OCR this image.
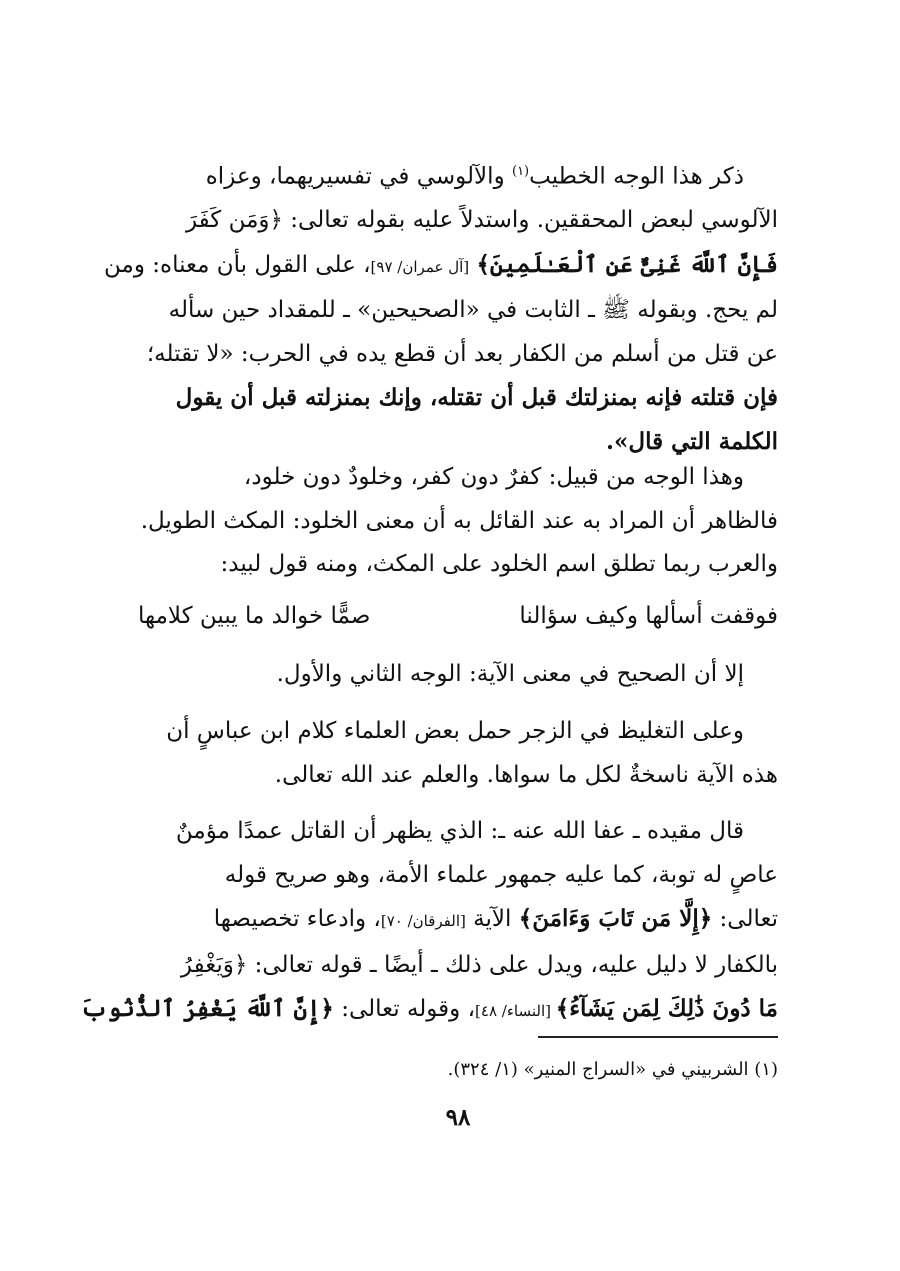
ذكر هذا الوجه الخطيب$^{(١)}$ والآلوسي في تفسيريهما، وعزاه
الآلوسي لبعض المحققين. واستدلاً عليه بقوله تعالى: ﴿وَمَن كَفَرَ
فَإِنَّ ٱللَّهَ غَنِىٌّ عَنِ ٱلْعَـٰلَمِينَ﴾ [آل عمران/ ٩٧]، على القول بأن معناه: ومن
لم يحج. وبقوله ﷺ ـ الثابت في «الصحيحين» ـ للمقداد حين سأله
عن قتل من أسلم من الكفار بعد أن قطع يده في الحرب: «لا تقتله؛
فإن قتلته فإنه بمنزلتك قبل أن تقتله، وإنك بمنزلته قبل أن يقول
الكلمة التي قال».
وهذا الوجه من قبيل: كفرٌ دون كفر، وخلودٌ دون خلود،
فالظاهر أن المراد به عند القائل به أن معنى الخلود: المكث الطويل.
والعرب ربما تطلق اسم الخلود على المكث، ومنه قول لبيد:
فوقفت أسألها وكيف سؤالنا
صمًّا خوالد ما يبين كلامها
إلا أن الصحيح في معنى الآية: الوجه الثاني والأول.
وعلى التغليظ في الزجر حمل بعض العلماء كلام ابن عباسٍ أن
هذه الآية ناسخةٌ لكل ما سواها. والعلم عند الله تعالى.
قال مقيده ـ عفا الله عنه ـ: الذي يظهر أن القاتل عمدًا مؤمنٌ
عاصٍ له توبة، كما عليه جمهور علماء الأمة، وهو صريح قوله
تعالى: ﴿إِلَّا مَن تَابَ وَءَامَنَ﴾ الآية [الفرقان/ ٧٠]، وادعاء تخصيصها
بالكفار لا دليل عليه، ويدل على ذلك ـ أيضًا ـ قوله تعالى: ﴿وَيَغْفِرُ
مَا دُونَ ذَٰلِكَ لِمَن يَشَآءُ﴾ [النساء/ ٤٨]، وقوله تعالى: ﴿إِنَّ ٱللَّهَ يَغْفِرُ ٱلذُّنُوبَ
(١) الشربيني في «السراج المنير» (١/ ٣٢٤).
٩٨
